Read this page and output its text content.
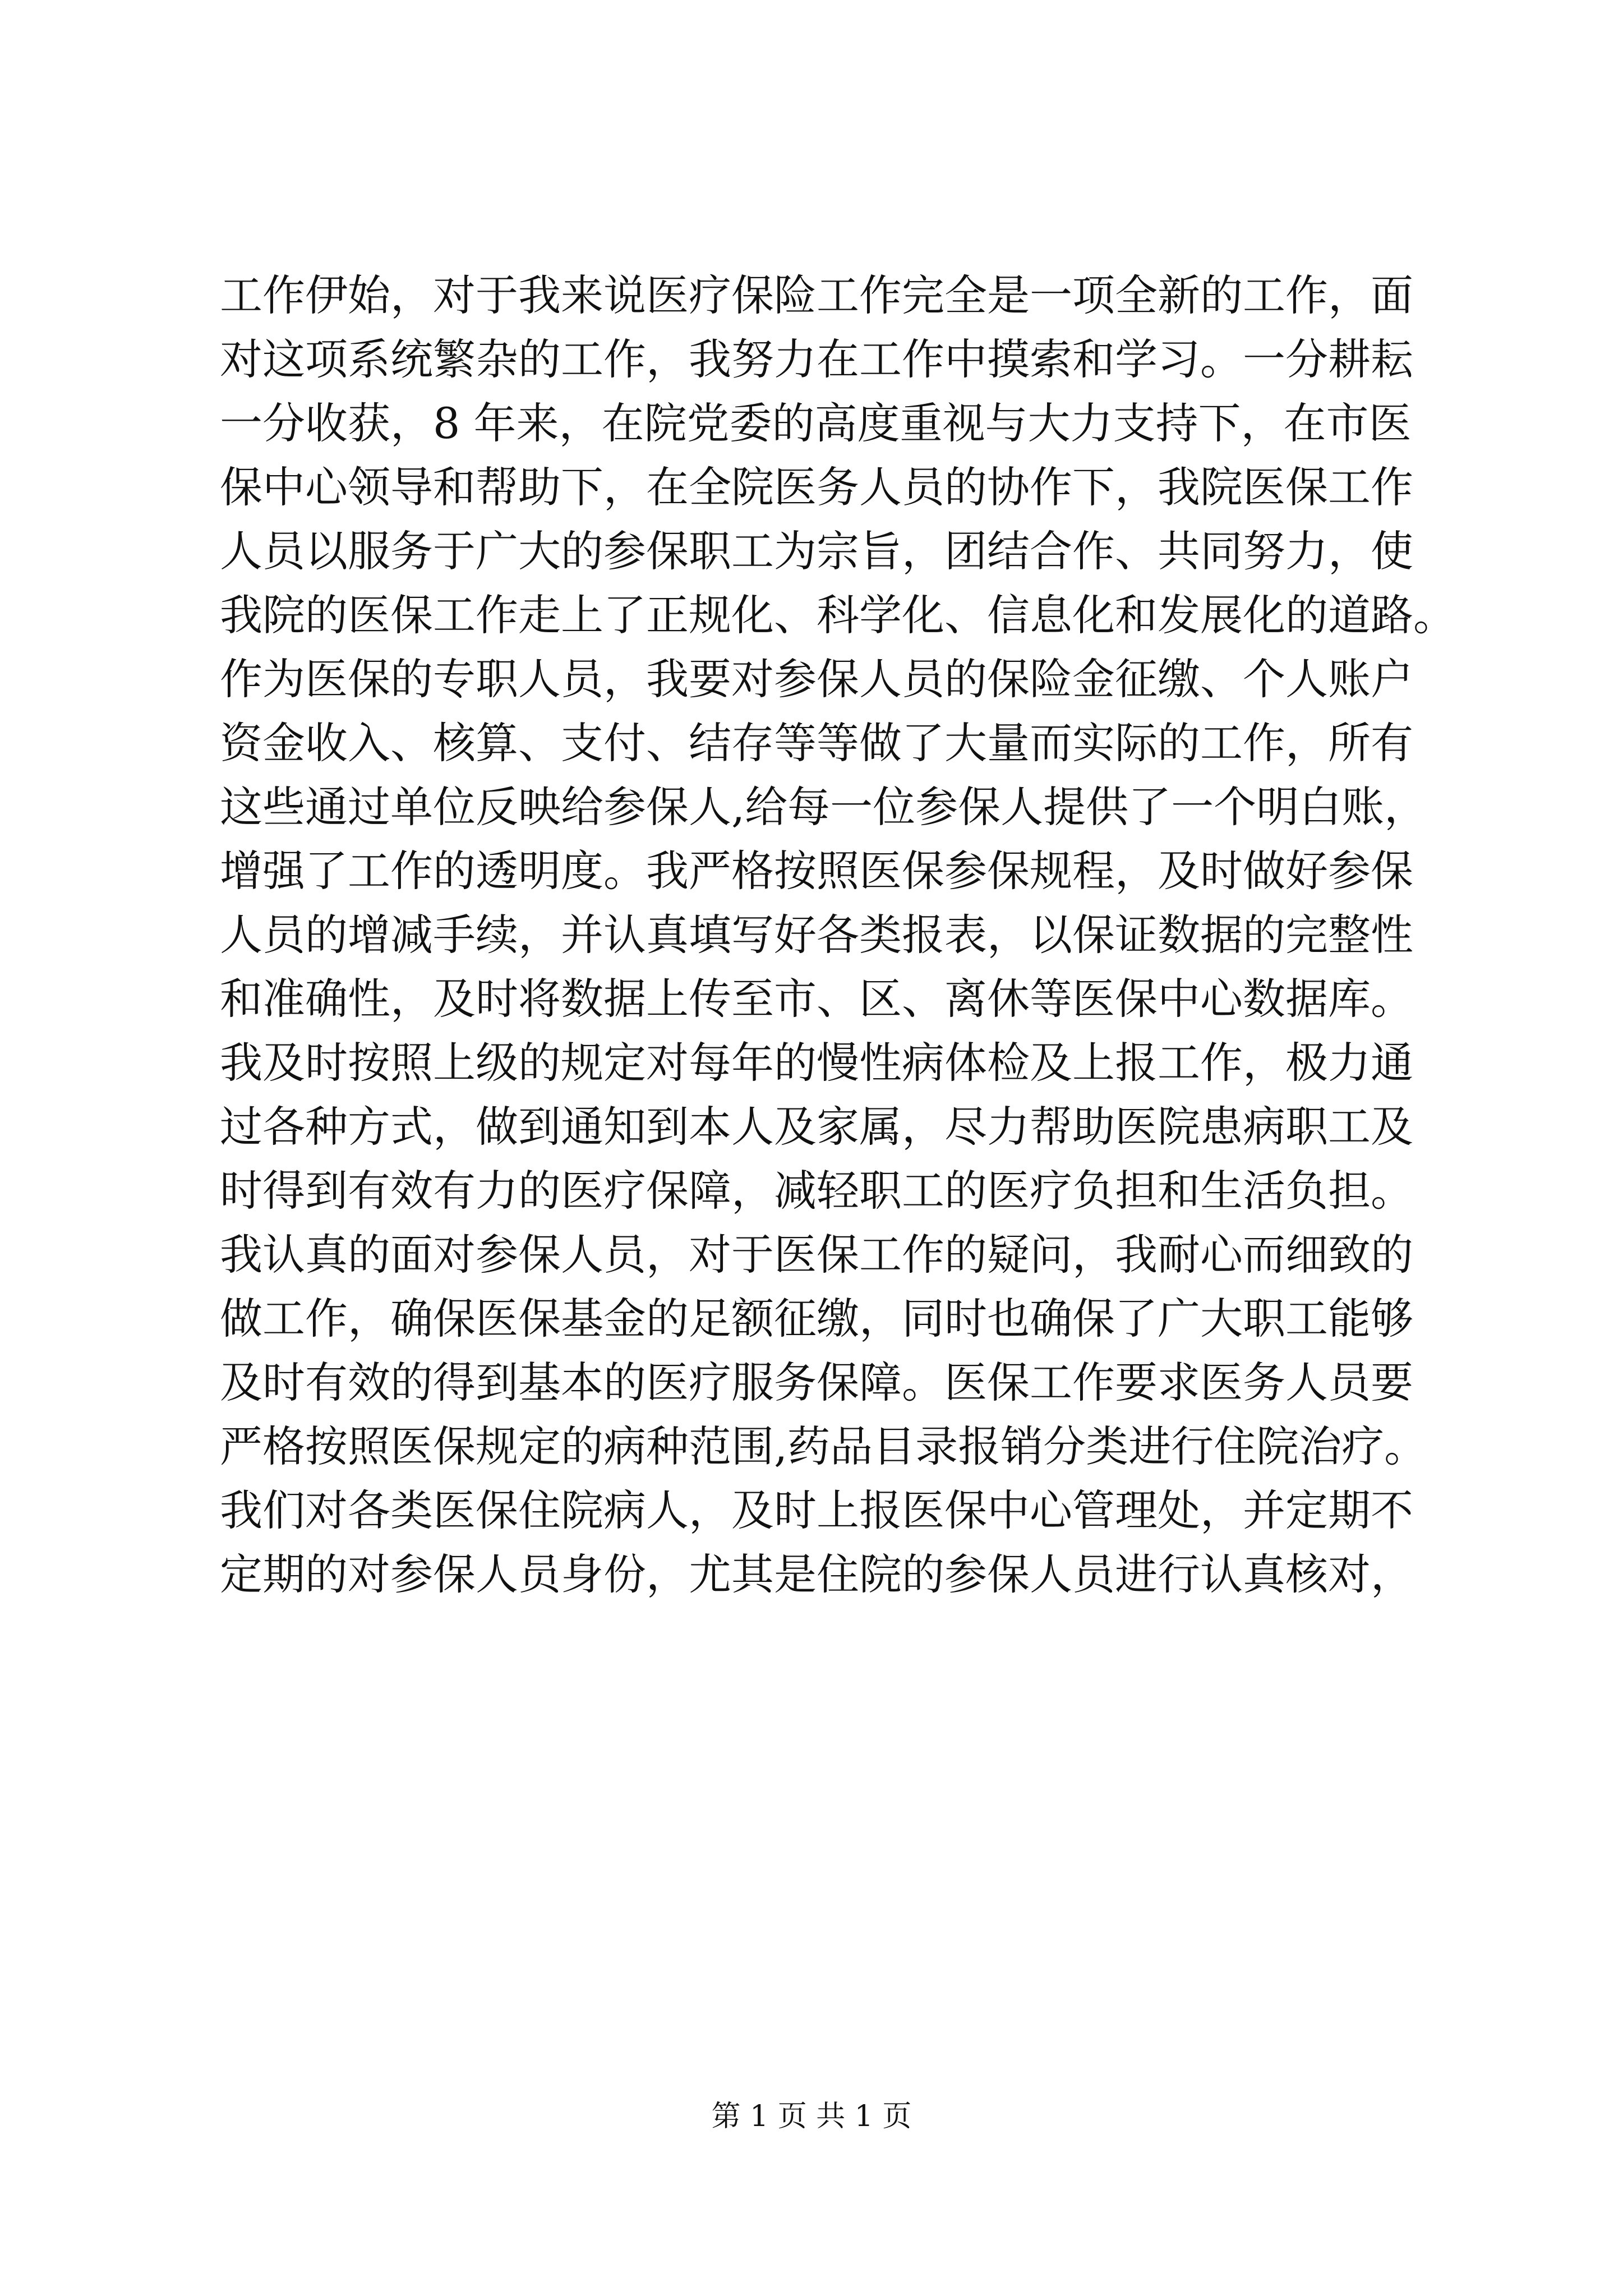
工作伊始，对于我来说医疗保险工作完全是一项全新的工作，面
对这项系统繁杂的工作，我努力在工作中摸索和学习。一分耕耘
一分收获，8 年来，在院党委的高度重视与大力支持下，在市医
保中心领导和帮助下，在全院医务人员的协作下，我院医保工作
人员以服务于广大的参保职工为宗旨，团结合作、共同努力，使
我院的医保工作走上了正规化、科学化、信息化和发展化的道路。
作为医保的专职人员，我要对参保人员的保险金征缴、个人账户
资金收入、核算、支付、结存等等做了大量而实际的工作，所有
这些通过单位反映给参保人,给每一位参保人提供了一个明白账，
增强了工作的透明度。我严格按照医保参保规程，及时做好参保
人员的增减手续，并认真填写好各类报表，以保证数据的完整性
和准确性，及时将数据上传至市、区、离休等医保中心数据库。
我及时按照上级的规定对每年的慢性病体检及上报工作，极力通
过各种方式，做到通知到本人及家属，尽力帮助医院患病职工及
时得到有效有力的医疗保障，减轻职工的医疗负担和生活负担。
我认真的面对参保人员，对于医保工作的疑问，我耐心而细致的
做工作，确保医保基金的足额征缴，同时也确保了广大职工能够
及时有效的得到基本的医疗服务保障。医保工作要求医务人员要
严格按照医保规定的病种范围,药品目录报销分类进行住院治疗。
我们对各类医保住院病人，及时上报医保中心管理处，并定期不
定期的对参保人员身份，尤其是住院的参保人员进行认真核对，
第 1 页 共 1 页
